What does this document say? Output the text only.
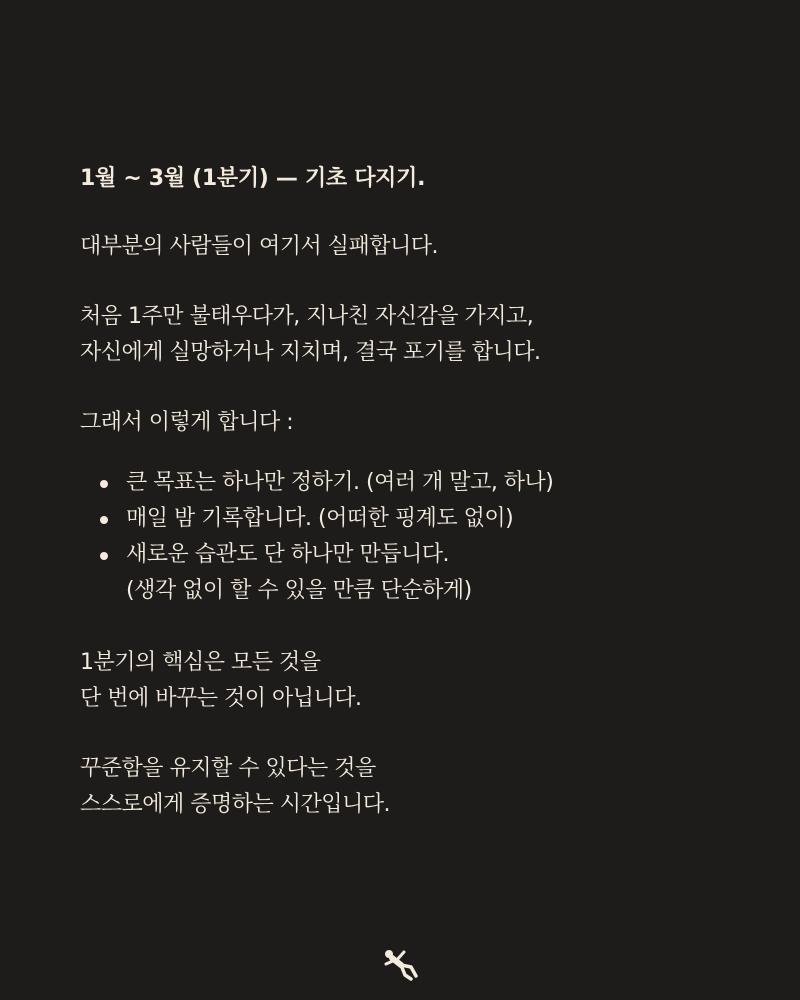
1월 ~ 3월 (1분기) — 기초 다지기.
대부분의 사람들이 여기서 실패합니다.
처음 1주만 불태우다가, 지나친 자신감을 가지고,
자신에게 실망하거나 지치며, 결국 포기를 합니다.
그래서 이렇게 합니다 :
큰 목표는 하나만 정하기. (여러 개 말고, 하나)
매일 밤 기록합니다. (어떠한 핑계도 없이)
새로운 습관도 단 하나만 만듭니다.
(생각 없이 할 수 있을 만큼 단순하게)
1분기의 핵심은 모든 것을
단 번에 바꾸는 것이 아닙니다.
꾸준함을 유지할 수 있다는 것을
스스로에게 증명하는 시간입니다.
